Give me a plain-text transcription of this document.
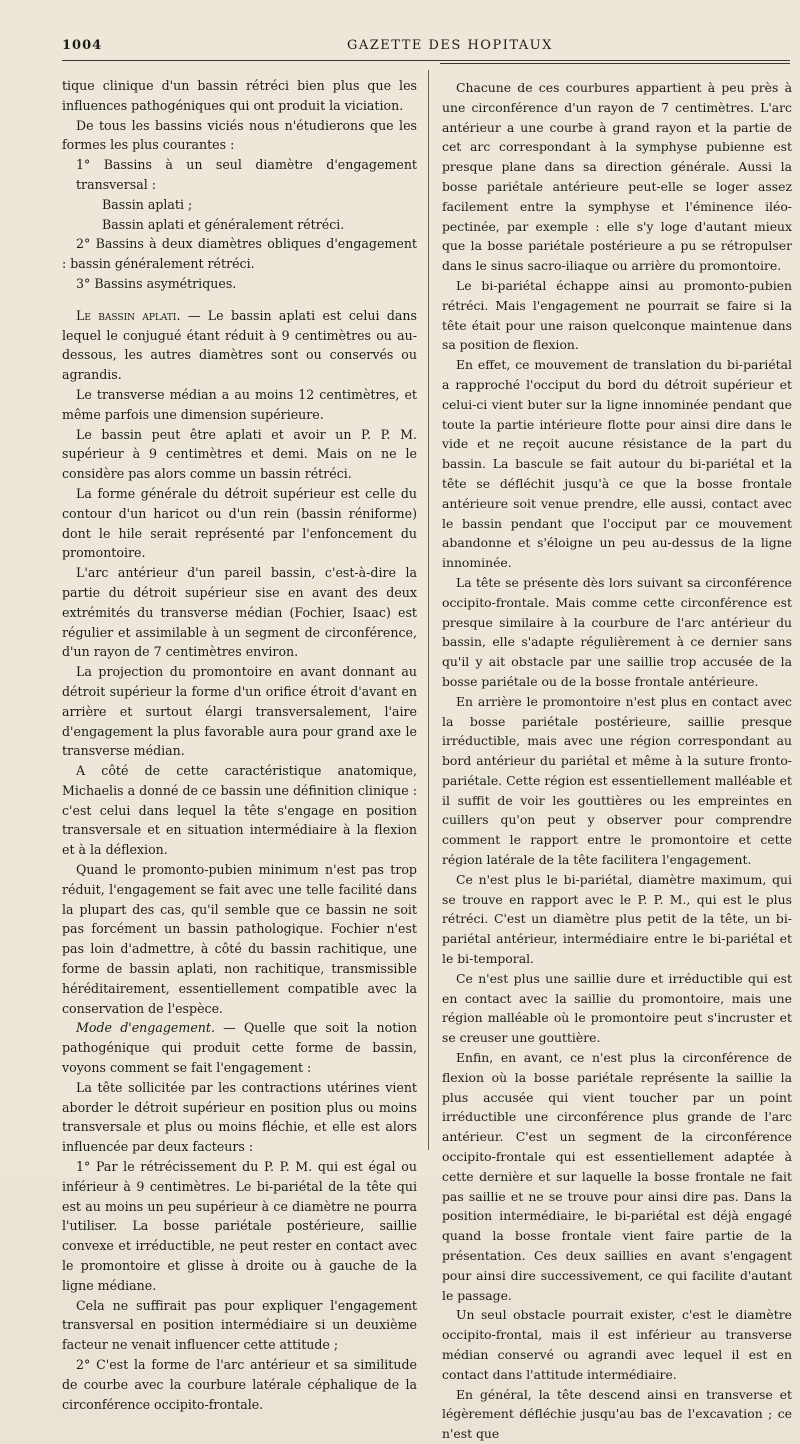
1004	GAZETTE DES HOPITAUX

tique clinique d'un bassin rétréci bien plus que les influences pathogéniques qui ont produit la viciation.

De tous les bassins viciés nous n'étudierons que les formes les plus courantes :

1° Bassins à un seul diamètre d'engagement transversal :

Bassin aplati ;

Bassin aplati et généralement rétréci.

2° Bassins à deux diamètres obliques d'engagement : bassin généralement rétréci.

3° Bassins asymétriques.

Le bassin aplati. — Le bassin aplati est celui dans lequel le conjugué étant réduit à 9 centimètres ou au-dessous, les autres diamètres sont ou conservés ou agrandis.

Le transverse médian a au moins 12 centimètres, et même parfois une dimension supérieure.

Le bassin peut être aplati et avoir un P. P. M. supérieur à 9 centimètres et demi. Mais on ne le considère pas alors comme un bassin rétréci.

La forme générale du détroit supérieur est celle du contour d'un haricot ou d'un rein (bassin réniforme) dont le hile serait représenté par l'enfoncement du promontoire.

L'arc antérieur d'un pareil bassin, c'est-à-dire la partie du détroit supérieur sise en avant des deux extrémités du transverse médian (Fochier, Isaac) est régulier et assimilable à un segment de circonférence, d'un rayon de 7 centimètres environ.

La projection du promontoire en avant donnant au détroit supérieur la forme d'un orifice étroit d'avant en arrière et surtout élargi transversalement, l'aire d'engagement la plus favorable aura pour grand axe le transverse médian.

A côté de cette caractéristique anatomique, Michaelis a donné de ce bassin une définition clinique : c'est celui dans lequel la tête s'engage en position transversale et en situation intermédiaire à la flexion et à la déflexion.

Quand le promonto-pubien minimum n'est pas trop réduit, l'engagement se fait avec une telle facilité dans la plupart des cas, qu'il semble que ce bassin ne soit pas forcément un bassin pathologique. Fochier n'est pas loin d'admettre, à côté du bassin rachitique, une forme de bassin aplati, non rachitique, transmissible héréditairement, essentiellement compatible avec la conservation de l'espèce.

Mode d'engagement. — Quelle que soit la notion pathogénique qui produit cette forme de bassin, voyons comment se fait l'engagement :

La tête sollicitée par les contractions utérines vient aborder le détroit supérieur en position plus ou moins transversale et plus ou moins fléchie, et elle est alors influencée par deux facteurs :

1° Par le rétrécissement du P. P. M. qui est égal ou inférieur à 9 centimètres. Le bi-pariétal de la tête qui est au moins un peu supérieur à ce diamètre ne pourra l'utiliser. La bosse pariétale postérieure, saillie convexe et irréductible, ne peut rester en contact avec le promontoire et glisse à droite ou à gauche de la ligne médiane.

Cela ne suffirait pas pour expliquer l'engagement transversal en position intermédiaire si un deuxième facteur ne venait influencer cette attitude ;

2° C'est la forme de l'arc antérieur et sa similitude de courbe avec la courbure latérale céphalique de la circonférence occipito-frontale.

Chacune de ces courbures appartient à peu près à une circonférence d'un rayon de 7 centimètres. L'arc antérieur a une courbe à grand rayon et la partie de cet arc correspondant à la symphyse pubienne est presque plane dans sa direction générale. Aussi la bosse pariétale antérieure peut-elle se loger assez facilement entre la symphyse et l'éminence iléo-pectinée, par exemple : elle s'y loge d'autant mieux que la bosse pariétale postérieure a pu se rétropulser dans le sinus sacro-iliaque ou arrière du promontoire.

Le bi-pariétal échappe ainsi au promonto-pubien rétréci. Mais l'engagement ne pourrait se faire si la tête était pour une raison quelconque maintenue dans sa position de flexion.

En effet, ce mouvement de translation du bi-pariétal a rapproché l'occiput du bord du détroit supérieur et celui-ci vient buter sur la ligne innominée pendant que toute la partie intérieure flotte pour ainsi dire dans le vide et ne reçoit aucune résistance de la part du bassin. La bascule se fait autour du bi-pariétal et la tête se défléchit jusqu'à ce que la bosse frontale antérieure soit venue prendre, elle aussi, contact avec le bassin pendant que l'occiput par ce mouvement abandonne et s'éloigne un peu au-dessus de la ligne innominée.

La tête se présente dès lors suivant sa circonférence occipito-frontale. Mais comme cette circonférence est presque similaire à la courbure de l'arc antérieur du bassin, elle s'adapte régulièrement à ce dernier sans qu'il y ait obstacle par une saillie trop accusée de la bosse pariétale ou de la bosse frontale antérieure.

En arrière le promontoire n'est plus en contact avec la bosse pariétale postérieure, saillie presque irréductible, mais avec une région correspondant au bord antérieur du pariétal et même à la suture fronto-pariétale. Cette région est essentiellement malléable et il suffit de voir les gouttières ou les empreintes en cuillers qu'on peut y observer pour comprendre comment le rapport entre le promontoire et cette région latérale de la tête facilitera l'engagement.

Ce n'est plus le bi-pariétal, diamètre maximum, qui se trouve en rapport avec le P. P. M., qui est le plus rétréci. C'est un diamètre plus petit de la tête, un bi-pariétal antérieur, intermédiaire entre le bi-pariétal et le bi-temporal.

Ce n'est plus une saillie dure et irréductible qui est en contact avec la saillie du promontoire, mais une région malléable où le promontoire peut s'incruster et se creuser une gouttière.

Enfin, en avant, ce n'est plus la circonférence de flexion où la bosse pariétale représente la saillie la plus accusée qui vient toucher par un point irréductible une circonférence plus grande de l'arc antérieur. C'est un segment de la circonférence occipito-frontale qui est essentiellement adaptée à cette dernière et sur laquelle la bosse frontale ne fait pas saillie et ne se trouve pour ainsi dire pas. Dans la position intermédiaire, le bi-pariétal est déjà engagé quand la bosse frontale vient faire partie de la présentation. Ces deux saillies en avant s'engagent pour ainsi dire successivement, ce qui facilite d'autant le passage.

Un seul obstacle pourrait exister, c'est le diamètre occipito-frontal, mais il est inférieur au transverse médian conservé ou agrandi avec lequel il est en contact dans l'attitude intermédiaire.

En général, la tête descend ainsi en transverse et légèrement défléchie jusqu'au bas de l'excavation ; ce n'est que
